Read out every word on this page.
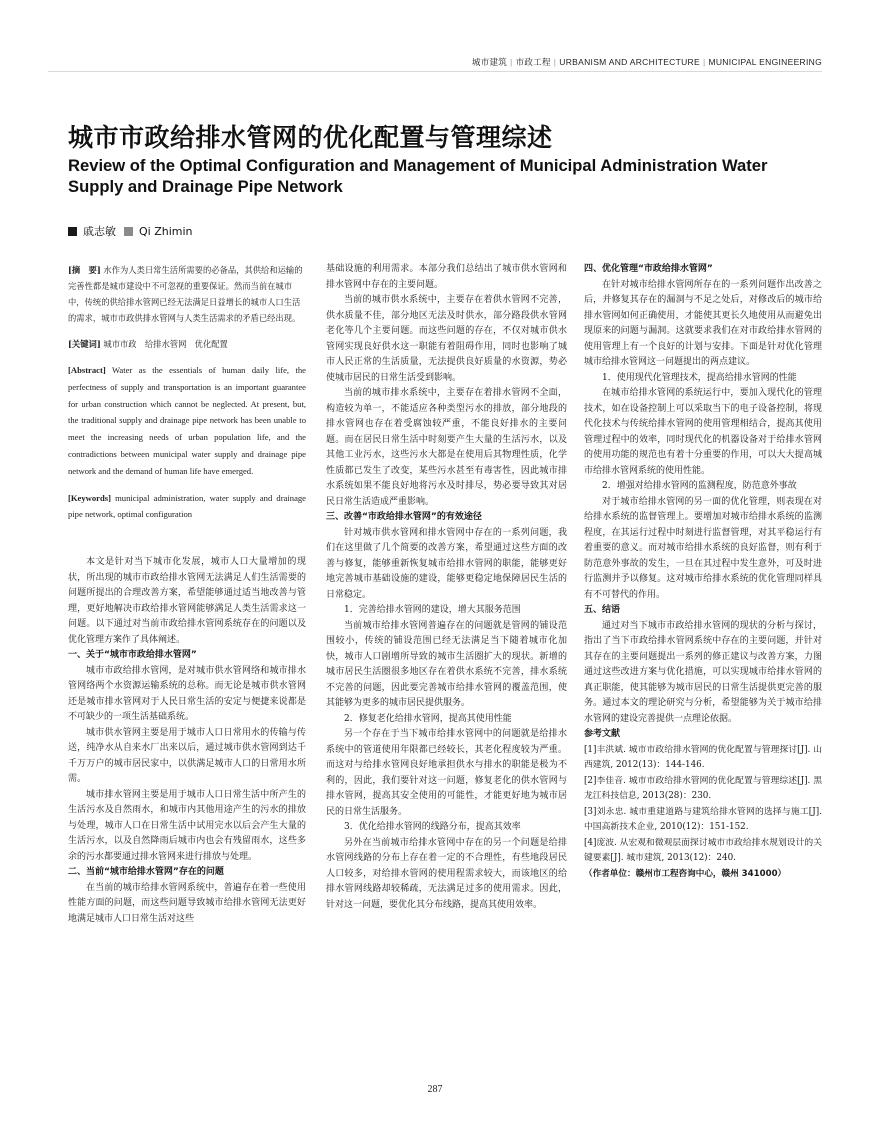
城市建筑 | 市政工程 | URBANISM AND ARCHITECTURE | MUNICIPAL ENGINEERING
城市市政给排水管网的优化配置与管理综述
Review of the Optimal Configuration and Management of Municipal Administration Water Supply and Drainage Pipe Network
戚志敏 Qi Zhimin

[摘　要] 水作为人类日常生活所需要的必备品，其供给和运输的完善性都是城市建设中不可忽视的重要保证。然而当前在城市中，传统的供给排水管网已经无法满足日益增长的城市人口生活的需求，城市市政供排水管网与人类生活需求的矛盾已经出现。

[关键词] 城市市政　给排水管网　优化配置

[Abstract] Water as the essentials of human daily life, the perfectness of supply and transportation is an important guarantee for urban construction which cannot be neglected. At present, but, the traditional supply and drainage pipe network has been unable to meet the increasing needs of urban population life, and the contradictions between municipal water supply and drainage pipe network and the demand of human life have emerged.

[Keywords] municipal administration, water supply and drainage pipe network, optimal configuration

本文是针对当下城市化发展，城市人口大量增加的现状，所出现的城市市政给排水管网无法满足人们生活需要的问题所提出的合理改善方案，希望能够通过适当地改善与管理，更好地解决市政给排水管网能够满足人类生活需求这一问题。以下通过对当前市政给排水管网系统存在的问题以及优化管理方案作了具体阐述。

一、关于“城市市政给排水管网”

城市市政给排水管网，是对城市供水管网络和城市排水管网络两个水资源运输系统的总称。而无论是城市供水管网还是城市排水管网对于人民日常生活的安定与便捷来说都是不可缺少的一项生活基础系统。

城市供水管网主要是用于城市人口日常用水的传输与传送，纯净水从自来水厂出来以后，通过城市供水管网到达千千万万户的城市居民家中，以供满足城市人口的日常用水所需。

城市排水管网主要是用于城市人口日常生活中所产生的生活污水及自然雨水，和城市内其他用途产生的污水的排放与处理，城市人口在日常生活中试用完水以后会产生大量的生活污水，以及自然降雨后城市内也会有残留雨水，这些多余的污水都要通过排水管网来进行排放与处理。

二、当前“城市给排水管网”存在的问题

在当前的城市给排水管网系统中，普遍存在着一些使用性能方面的问题，而这些问题导致城市给排水管网无法更好地满足城市人口日常生活对这些

基础设施的利用需求。本部分我们总结出了城市供水管网和排水管网中存在的主要问题。

当前的城市供水系统中，主要存在着供水管网不完善，供水质量不佳，部分地区无法及时供水，部分路段供水管网老化等几个主要问题。而这些问题的存在，不仅对城市供水管网实现良好供水这一职能有着阻碍作用，同时也影响了城市人民正常的生活质量，无法提供良好质量的水资源，势必使城市居民的日常生活受到影响。

当前的城市排水系统中，主要存在着排水管网不全面，构造较为单一，不能适应各种类型污水的排放，部分地段的排水管网也存在着受腐蚀较严重，不能良好排水的主要问题。而在居民日常生活中时刻要产生大量的生活污水，以及其他工业污水，这些污水大都是在使用后其物理性质，化学性质都已发生了改变，某些污水甚至有毒害性，因此城市排水系统如果不能良好地将污水及时排尽，势必要导致其对居民日常生活造成严重影响。

三、改善“市政给排水管网”的有效途径

针对城市供水管网和排水管网中存在的一系列问题，我们在这里做了几个简要的改善方案，希望通过这些方面的改善与修复，能够重新恢复城市给排水管网的职能，能够更好地完善城市基础设施的建设，能够更稳定地保障居民生活的日常稳定。

1．完善给排水管网的建设，增大其服务范围

当前城市给排水管网普遍存在的问题就是管网的铺设范围较小，传统的铺设范围已经无法满足当下随着城市化加快，城市人口剧增所导致的城市生活圈扩大的现状。新增的城市居民生活圈很多地区存在着供水系统不完善，排水系统不完善的问题，因此要完善城市给排水管网的覆盖范围，使其能够为更多的城市居民提供服务。

2．修复老化给排水管网，提高其使用性能

另一个存在于当下城市给排水管网中的问题就是给排水系统中的管道使用年限都已经较长，其老化程度较为严重。而这对与给排水管网良好地承担供水与排水的职能是极为不利的，因此，我们要针对这一问题，修复老化的供水管网与排水管网，提高其安全使用的可能性，才能更好地为城市居民的日常生活服务。

3．优化给排水管网的线路分布，提高其效率

另外在当前城市给排水管网中存在的另一个问题是给排水管网线路的分布上存在着一定的不合理性，有些地段居民人口较多，对给排水管网的使用程需求较大，而该地区的给排水管网线路却较稀疏，无法满足过多的使用需求。因此，针对这一问题，要优化其分布线路，提高其使用效率。

四、优化管理“市政给排水管网”

在针对城市给排水管网所存在的一系列问题作出改善之后，并修复其存在的漏洞与不足之处后，对修改后的城市给排水管网如何正确使用，才能使其更长久地使用从而避免出现原来的问题与漏洞。这就要求我们在对市政给排水管网的使用管理上有一个良好的计划与安排。下面是针对优化管理城市给排水管网这一问题提出的两点建议。

1．使用现代化管理技术，提高给排水管网的性能

在城市给排水管网的系统运行中，要加入现代化的管理技术，如在设备控制上可以采取当下的电子设备控制，将现代化技术与传统给排水管网的使用管理相结合，提高其使用管理过程中的效率，同时现代化的机器设备对于给排水管网的使用功能的规范也有着十分重要的作用，可以大大提高城市给排水管网系统的使用性能。

2．增强对给排水管网的监测程度，防范意外事故

对于城市给排水管网的另一面的优化管理，则表现在对给排水系统的监督管理上。要增加对城市给排水系统的监测程度，在其运行过程中时刻进行监督管理，对其平稳运行有着重要的意义。而对城市给排水系统的良好监督，则有利于防范意外事故的发生，一旦在其过程中发生意外，可及时进行监测并予以修复。这对城市给排水系统的优化管理同样具有不可替代的作用。

五、结语

通过对当下城市市政给排水管网的现状的分析与探讨，指出了当下市政给排水管网系统中存在的主要问题，并针对其存在的主要问题提出一系列的修正建议与改善方案，力图通过这些改进方案与优化措施，可以实现城市给排水管网的真正职能，使其能够为城市居民的日常生活提供更完善的服务。通过本文的理论研究与分析，希望能够为关于城市给排水管网的建设完善提供一点理论依据。

参考文献

[1]丰洪斌. 城市市政给排水管网的优化配置与管理探讨[J]. 山西建筑, 2012(13)：144-146.

[2]李佳音. 城市市政给排水管网的优化配置与管理综述[J]. 黑龙江科技信息, 2013(28)：230.

[3]刘永忠. 城市重建道路与建筑给排水管网的选择与施工[J]. 中国高新技术企业, 2010(12)：151-152.

[4]庞波. 从宏观和微观层面探讨城市市政给排水规划设计的关键要素[J]. 城市建筑, 2013(12)：240.

（作者单位：赣州市工程咨询中心，赣州 341000）

287
